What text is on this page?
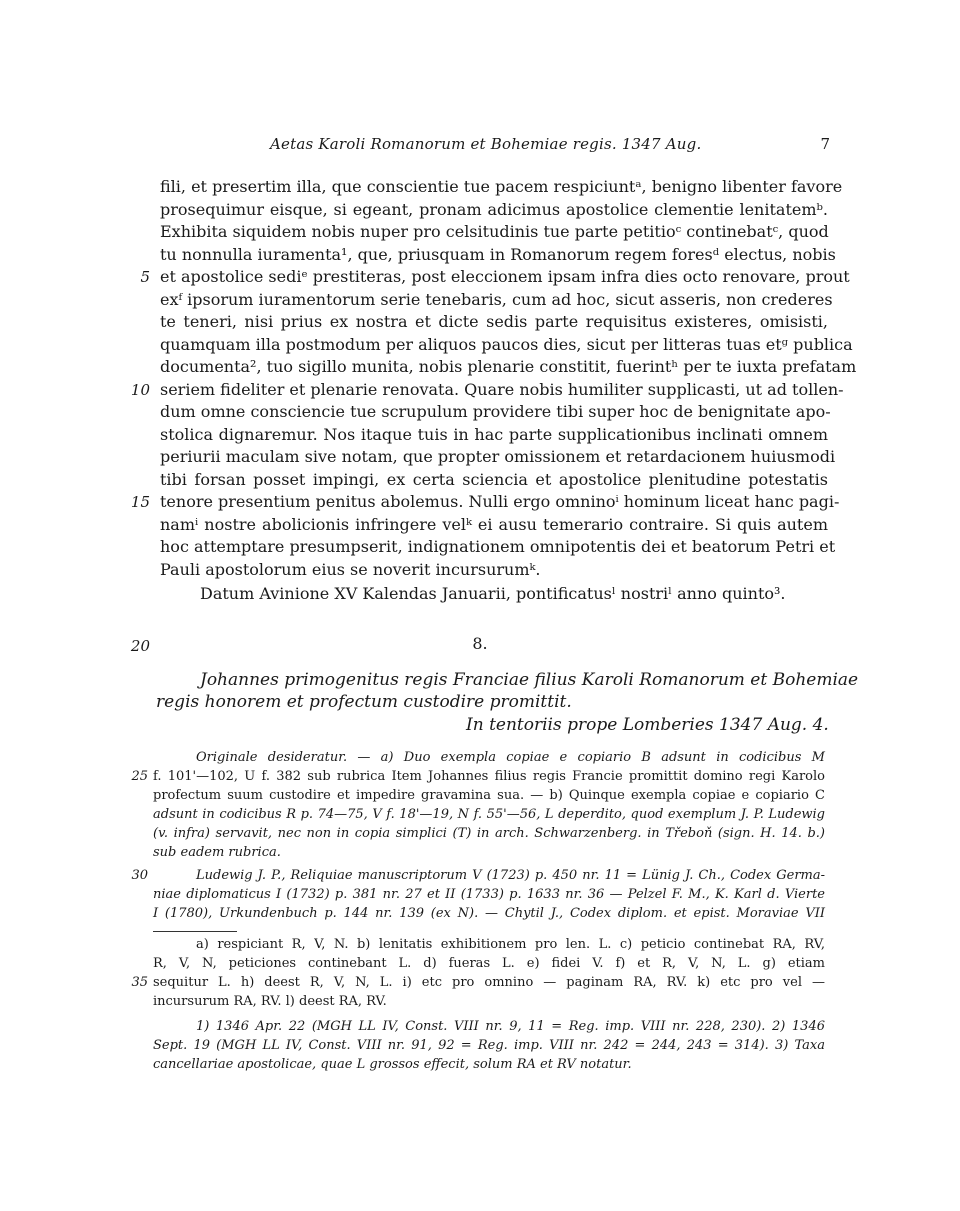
Aetas Karoli Romanorum et Bohemiae regis. 1347 Aug.	7
fili, et presertim illa, que conscientie tue pacem respiciuntᵃ, benigno libenter favore
prosequimur eisque, si egeant, pronam adicimus apostolice clementie lenitatemᵇ.
Exhibita siquidem nobis nuper pro celsitudinis tue parte petitioᶜ continebatᶜ, quod
tu nonnulla iuramenta¹, que, priusquam in Romanorum regem foresᵈ electus, nobis
5 et apostolice sediᵉ prestiteras, post eleccionem ipsam infra dies octo renovare, prout
exᶠ ipsorum iuramentorum serie tenebaris, cum ad hoc, sicut asseris, non crederes
te teneri, nisi prius ex nostra et dicte sedis parte requisitus existeres, omisisti,
quamquam illa postmodum per aliquos paucos dies, sicut per litteras tuas etᵍ publica
documenta², tuo sigillo munita, nobis plenarie constitit, fuerintʰ per te iuxta prefatam
10 seriem fideliter et plenarie renovata. Quare nobis humiliter supplicasti, ut ad tollen-
dum omne consciencie tue scrupulum providere tibi super hoc de benignitate apo-
stolica dignaremur. Nos itaque tuis in hac parte supplicationibus inclinati omnem
periurii maculam sive notam, que propter omissionem et retardacionem huiusmodi
tibi forsan posset impingi, ex certa sciencia et apostolice plenitudine potestatis
15 tenore presentium penitus abolemus. Nulli ergo omninoⁱ hominum liceat hanc pagi-
namⁱ nostre abolicionis infringere velᵏ ei ausu temerario contraire. Si quis autem
hoc attemptare presumpserit, indignationem omnipotentis dei et beatorum Petri et
Pauli apostolorum eius se noverit incursurumᵏ.
Datum Avinione XV Kalendas Januarii, pontificatusˡ nostriˡ anno quinto³.
20	8.
Johannes primogenitus regis Franciae filius Karoli Romanorum et Bohemiae
regis honorem et profectum custodire promittit.
In tentoriis prope Lomberies 1347 Aug. 4.
Originale desideratur. — a) Duo exempla copiae e copiario B adsunt in codicibus M
25 f. 101'—102, U f. 382 sub rubrica Item Johannes filius regis Francie promittit domino regi Karolo
profectum suum custodire et impedire gravamina sua. — b) Quinque exempla copiae e copiario C
adsunt in codicibus R p. 74—75, V f. 18'—19, N f. 55'—56, L deperdito, quod exemplum J. P. Ludewig
(v. infra) servavit, nec non in copia simplici (T) in arch. Schwarzenberg. in Třeboň (sign. H. 14. b.)
sub eadem rubrica.
30	Ludewig J. P., Reliquiae manuscriptorum V (1723) p. 450 nr. 11 = Lünig J. Ch., Codex Germa-
niae diplomaticus I (1732) p. 381 nr. 27 et II (1733) p. 1633 nr. 36 — Pelzel F. M., K. Karl d. Vierte
I (1780), Urkundenbuch p. 144 nr. 139 (ex N). — Chytil J., Codex diplom. et epist. Moraviae VII
a) respiciant R, V, N. b) lenitatis exhibitionem pro len. L. c) peticio continebat RA, RV,
R, V, N, peticiones continebant L. d) fueras L. e) fidei V. f) et R, V, N, L. g) etiam
35 sequitur L. h) deest R, V, N, L. i) etc pro omnino — paginam RA, RV. k) etc pro vel —
incursurum RA, RV. l) deest RA, RV.
1) 1346 Apr. 22 (MGH LL IV, Const. VIII nr. 9, 11 = Reg. imp. VIII nr. 228, 230). 2) 1346
Sept. 19 (MGH LL IV, Const. VIII nr. 91, 92 = Reg. imp. VIII nr. 242 = 244, 243 = 314). 3) Taxa
cancellariae apostolicae, quae L grossos effecit, solum RA et RV notatur.
